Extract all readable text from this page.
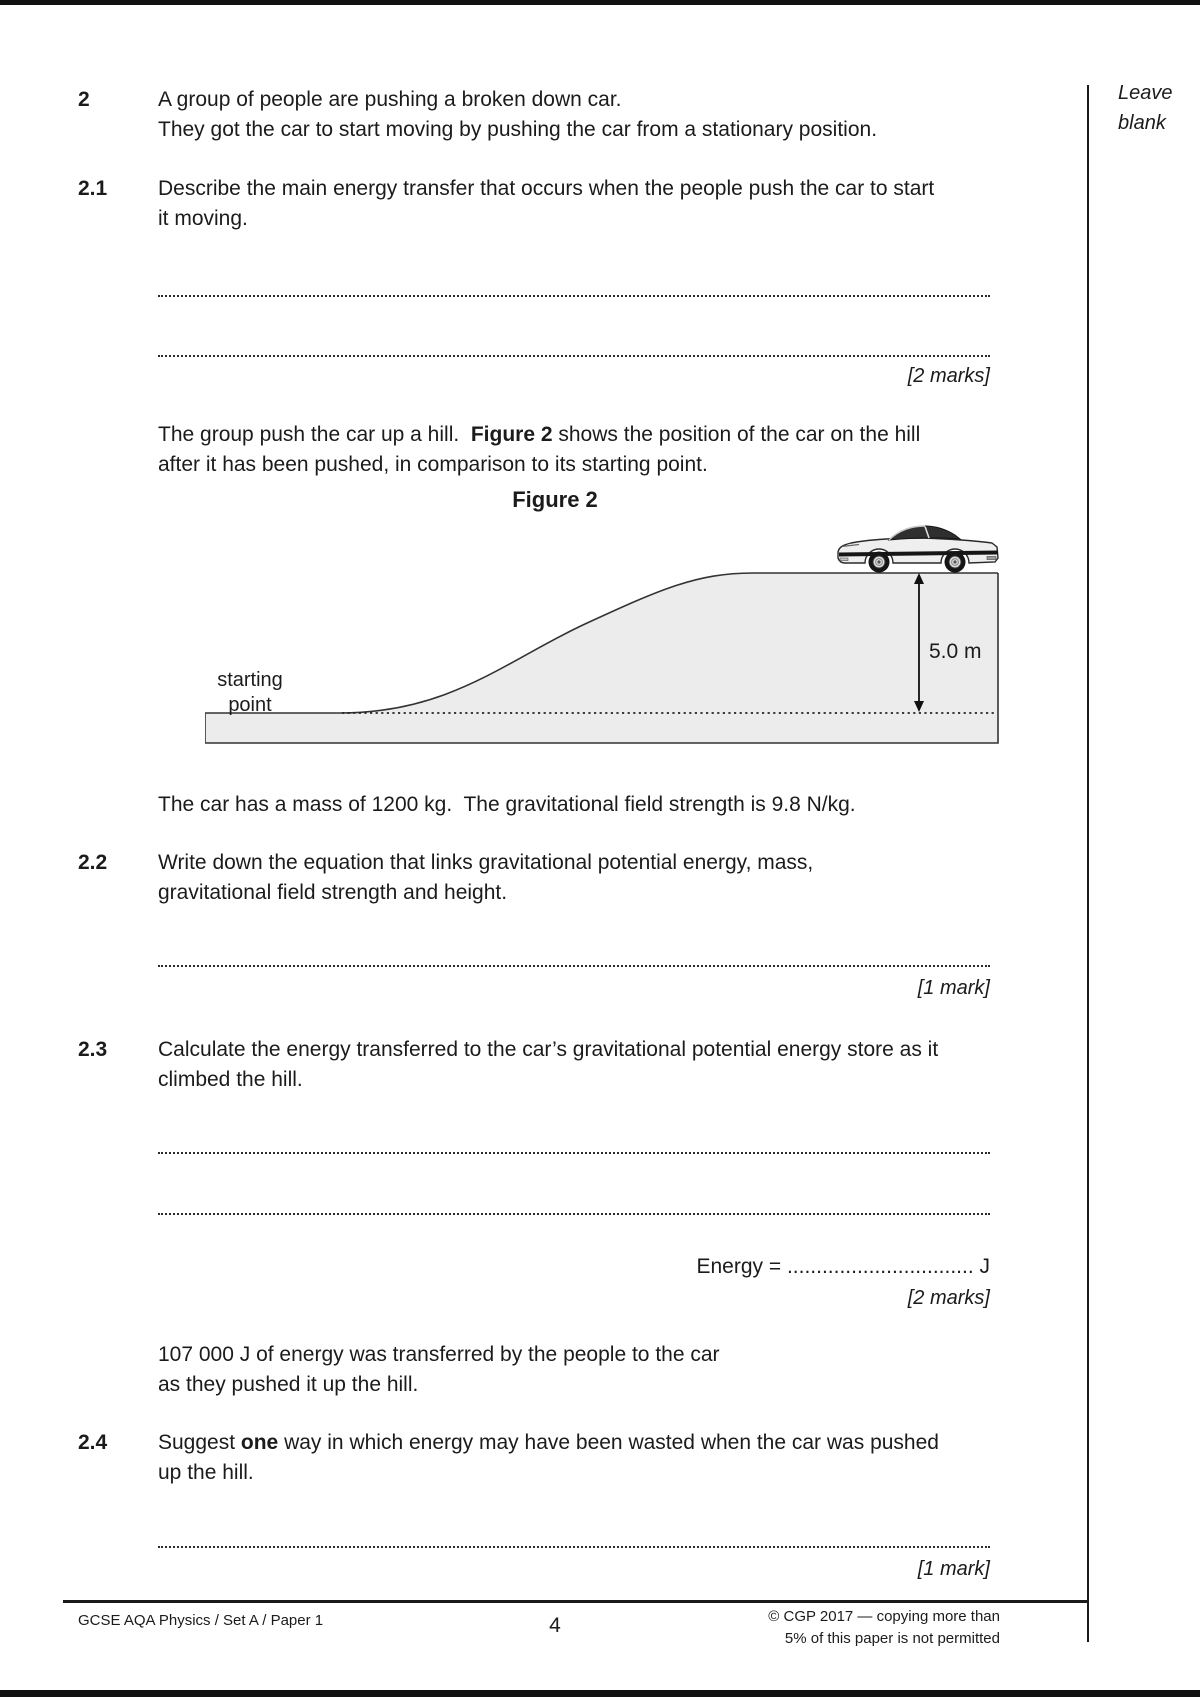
Leave
blank
2	A group of people are pushing a broken down car.
They got the car to start moving by pushing the car from a stationary position.
2.1 Describe the main energy transfer that occurs when the people push the car to start
it moving.
[2 marks]
The group push the car up a hill.  Figure 2 shows the position of the car on the hill
after it has been pushed, in comparison to its starting point.
Figure 2
5.0 m
starting
point
The car has a mass of 1200 kg.  The gravitational field strength is 9.8 N/kg.
2.2 Write down the equation that links gravitational potential energy, mass,
gravitational field strength and height.
[1 mark]
2.3 Calculate the energy transferred to the car’s gravitational potential energy store as it
climbed the hill.
Energy = ................................ J
[2 marks]
107 000 J of energy was transferred by the people to the car
as they pushed it up the hill.
2.4 Suggest one way in which energy may have been wasted when the car was pushed
up the hill.
[1 mark]
GCSE AQA Physics / Set A / Paper 1	4	© CGP 2017 — copying more than
5% of this paper is not permitted
